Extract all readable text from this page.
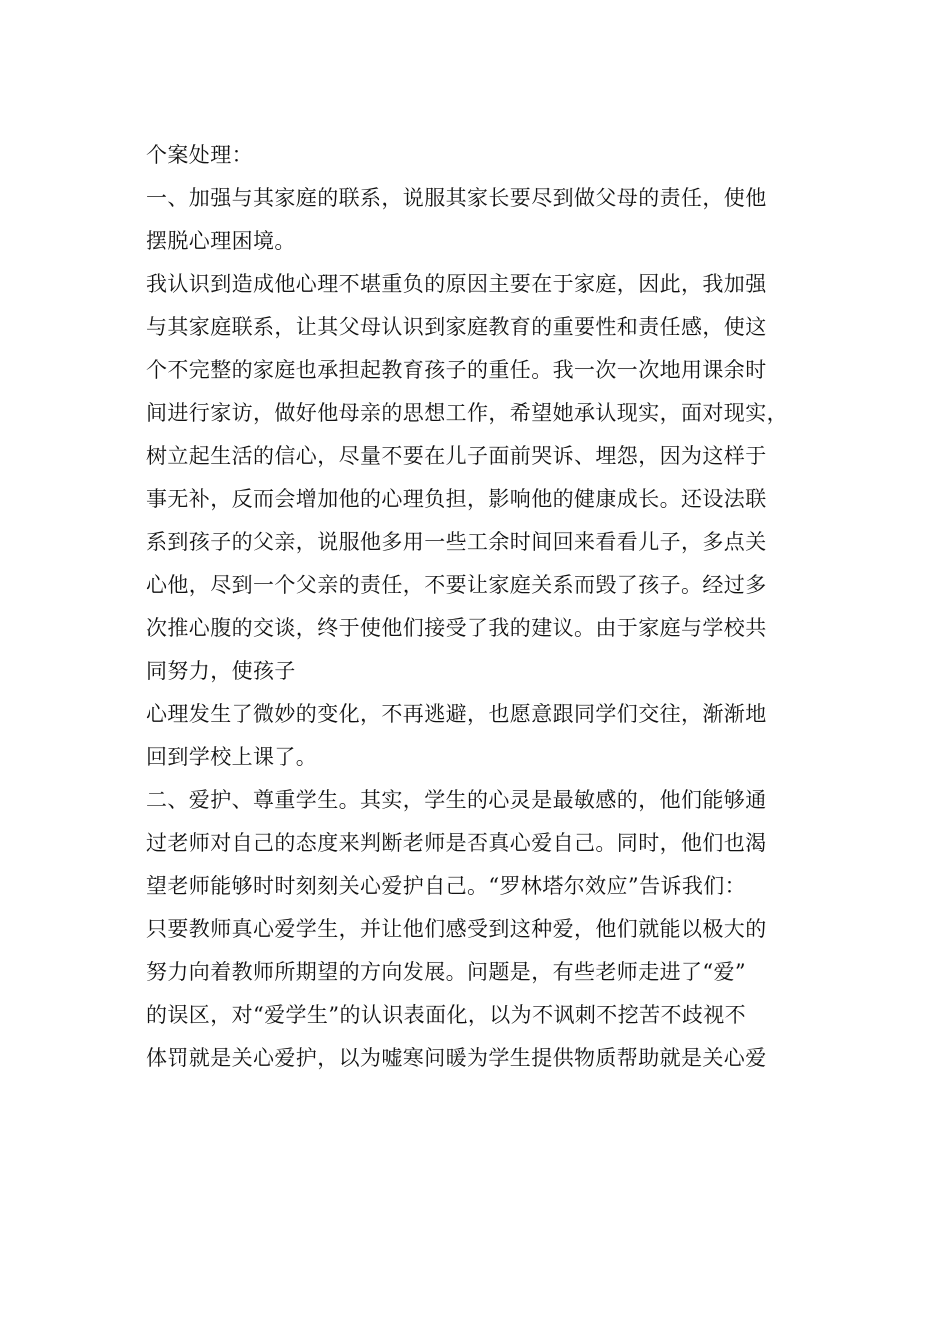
个案处理：
一、加强与其家庭的联系，说服其家长要尽到做父母的责任，使他
摆脱心理困境。
我认识到造成他心理不堪重负的原因主要在于家庭，因此，我加强
与其家庭联系，让其父母认识到家庭教育的重要性和责任感，使这
个不完整的家庭也承担起教育孩子的重任。我一次一次地用课余时
间进行家访，做好他母亲的思想工作，希望她承认现实，面对现实，
树立起生活的信心，尽量不要在儿子面前哭诉、埋怨，因为这样于
事无补，反而会增加他的心理负担，影响他的健康成长。还设法联
系到孩子的父亲，说服他多用一些工余时间回来看看儿子，多点关
心他，尽到一个父亲的责任，不要让家庭关系而毁了孩子。经过多
次推心腹的交谈，终于使他们接受了我的建议。由于家庭与学校共
同努力，使孩子
心理发生了微妙的变化，不再逃避，也愿意跟同学们交往，渐渐地
回到学校上课了。
二、爱护、尊重学生。其实，学生的心灵是最敏感的，他们能够通
过老师对自己的态度来判断老师是否真心爱自己。同时，他们也渴
望老师能够时时刻刻关心爱护自己。“罗林塔尔效应”告诉我们：
只要教师真心爱学生，并让他们感受到这种爱，他们就能以极大的
努力向着教师所期望的方向发展。问题是，有些老师走进了“爱”
的误区，对“爱学生”的认识表面化，以为不讽刺不挖苦不歧视不
体罚就是关心爱护，以为嘘寒问暖为学生提供物质帮助就是关心爱
